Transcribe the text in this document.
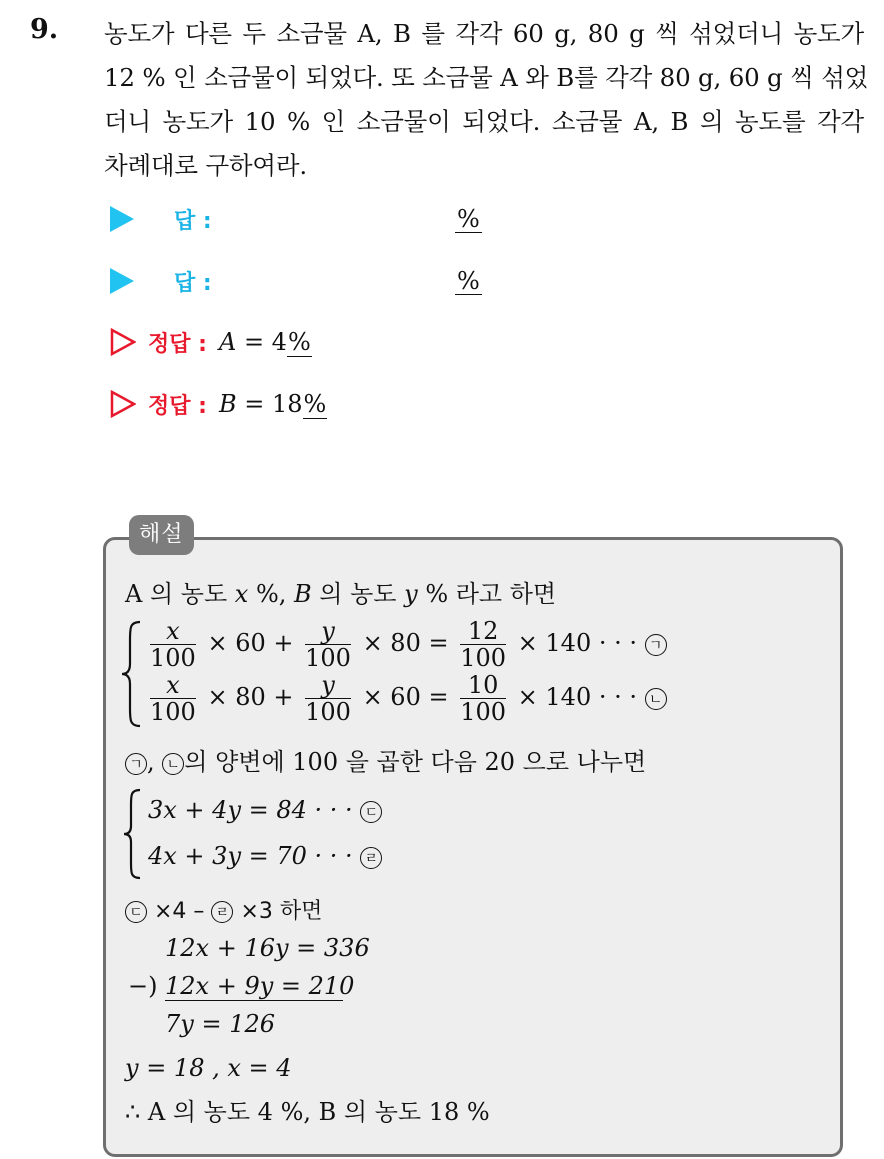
9. 농도가 다른 두 소금물 A, B 를 각각 60 g, 80 g 씩 섞었더니 농도가
12 % 인 소금물이 되었다. 또 소금물 A 와 B를 각각 80 g, 60 g 씩 섞었
더니 농도가 10 % 인 소금물이 되었다. 소금물 A, B 의 농도를 각각
차례대로 구하여라.
답 :	%
답 :	%
정답 : A = 4%
정답 : B = 18%
해설
A 의 농도 x %, B 의 농도 y % 라고 하면
$\frac{x}{100} \times 60 + \frac{y}{100} \times 80 = \frac{12}{100} \times 140$ · · · ㄱ
$\frac{x}{100} \times 80 + \frac{y}{100} \times 60 = \frac{10}{100} \times 140$ · · · ㄴ
ㄱ , ㄴ 의 양변에 100 을 곱한 다음 20 으로 나누면
3x + 4y = 84 · · · ㄷ
4x + 3y = 70 · · · ㄹ
ㄷ ×4 – ㄹ ×3 하면
12x + 16y = 336
−) 12x + 9y = 210
7y = 126
y = 18 , x = 4
∴ A 의 농도 4 %, B 의 농도 18 %
